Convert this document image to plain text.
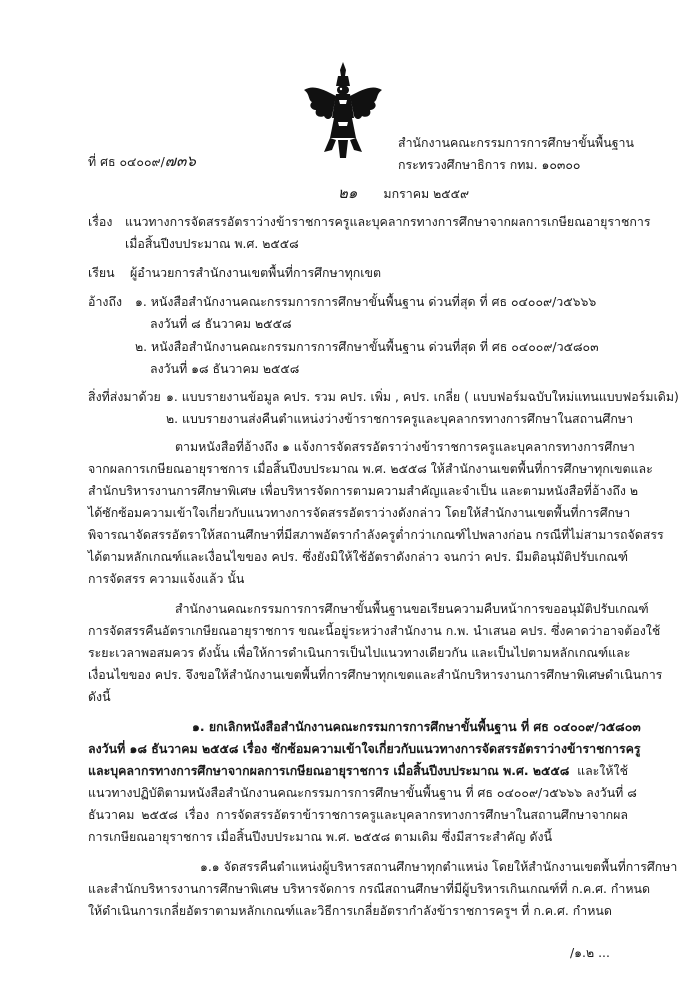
ที่ ศธ ๐๔๐๐๙/๗๓๖
สำนักงานคณะกรรมการการศึกษาขั้นพื้นฐาน
กระทรวงศึกษาธิการ กทม. ๑๐๓๐๐
๒๑ มกราคม ๒๕๕๙
เรื่อง แนวทางการจัดสรรอัตราว่างข้าราชการครูและบุคลากรทางการศึกษาจากผลการเกษียณอายุราชการ
เมื่อสิ้นปีงบประมาณ พ.ศ. ๒๕๕๘
เรียน ผู้อำนวยการสำนักงานเขตพื้นที่การศึกษาทุกเขต
อ้างถึง ๑. หนังสือสำนักงานคณะกรรมการการศึกษาขั้นพื้นฐาน ด่วนที่สุด ที่ ศธ ๐๔๐๐๙/ว๕๖๖๖
ลงวันที่ ๘ ธันวาคม ๒๕๕๘
๒. หนังสือสำนักงานคณะกรรมการการศึกษาขั้นพื้นฐาน ด่วนที่สุด ที่ ศธ ๐๔๐๐๙/ว๕๘๐๓
ลงวันที่ ๑๘ ธันวาคม ๒๕๕๘
สิ่งที่ส่งมาด้วย ๑. แบบรายงานข้อมูล คปร. รวม คปร. เพิ่ม , คปร. เกลี่ย ( แบบฟอร์มฉบับใหม่แทนแบบฟอร์มเดิม)
๒. แบบรายงานส่งคืนตำแหน่งว่างข้าราชการครูและบุคลากรทางการศึกษาในสถานศึกษา
ตามหนังสือที่อ้างถึง ๑ แจ้งการจัดสรรอัตราว่างข้าราชการครูและบุคลากรทางการศึกษา
จากผลการเกษียณอายุราชการ เมื่อสิ้นปีงบประมาณ พ.ศ. ๒๕๕๘ ให้สำนักงานเขตพื้นที่การศึกษาทุกเขตและ
สำนักบริหารงานการศึกษาพิเศษ เพื่อบริหารจัดการตามความสำคัญและจำเป็น และตามหนังสือที่อ้างถึง ๒
ได้ซักซ้อมความเข้าใจเกี่ยวกับแนวทางการจัดสรรอัตราว่างดังกล่าว โดยให้สำนักงานเขตพื้นที่การศึกษา
พิจารณาจัดสรรอัตราให้สถานศึกษาที่มีสภาพอัตรากำลังครูต่ำกว่าเกณฑ์ไปพลางก่อน กรณีที่ไม่สามารถจัดสรร
ได้ตามหลักเกณฑ์และเงื่อนไขของ คปร. ซึ่งยังมิให้ใช้อัตราดังกล่าว จนกว่า คปร. มีมติอนุมัติปรับเกณฑ์
การจัดสรร ความแจ้งแล้ว นั้น
สำนักงานคณะกรรมการการศึกษาขั้นพื้นฐานขอเรียนความคืบหน้าการขออนุมัติปรับเกณฑ์
การจัดสรรคืนอัตราเกษียณอายุราชการ ขณะนี้อยู่ระหว่างสำนักงาน ก.พ. นำเสนอ คปร. ซึ่งคาดว่าอาจต้องใช้
ระยะเวลาพอสมควร ดังนั้น เพื่อให้การดำเนินการเป็นไปแนวทางเดียวกัน และเป็นไปตามหลักเกณฑ์และ
เงื่อนไขของ คปร. จึงขอให้สำนักงานเขตพื้นที่การศึกษาทุกเขตและสำนักบริหารงานการศึกษาพิเศษดำเนินการ
ดังนี้
๑. ยกเลิกหนังสือสำนักงานคณะกรรมการการศึกษาขั้นพื้นฐาน ที่ ศธ ๐๔๐๐๙/ว๕๘๐๓
ลงวันที่ ๑๘ ธันวาคม ๒๕๕๘ เรื่อง ซักซ้อมความเข้าใจเกี่ยวกับแนวทางการจัดสรรอัตราว่างข้าราชการครู
และบุคลากรทางการศึกษาจากผลการเกษียณอายุราชการ เมื่อสิ้นปีงบประมาณ พ.ศ. ๒๕๕๘ และให้ใช้
แนวทางปฏิบัติตามหนังสือสำนักงานคณะกรรมการการศึกษาขั้นพื้นฐาน ที่ ศธ ๐๔๐๐๙/ว๕๖๖๖ ลงวันที่ ๘
ธันวาคม ๒๕๕๘ เรื่อง การจัดสรรอัตราข้าราชการครูและบุคลากรทางการศึกษาในสถานศึกษาจากผล
การเกษียณอายุราชการ เมื่อสิ้นปีงบประมาณ พ.ศ. ๒๕๕๘ ตามเดิม ซึ่งมีสาระสำคัญ ดังนี้
๑.๑ จัดสรรคืนตำแหน่งผู้บริหารสถานศึกษาทุกตำแหน่ง โดยให้สำนักงานเขตพื้นที่การศึกษา
และสำนักบริหารงานการศึกษาพิเศษ บริหารจัดการ กรณีสถานศึกษาที่มีผู้บริหารเกินเกณฑ์ที่ ก.ค.ศ. กำหนด
ให้ดำเนินการเกลี่ยอัตราตามหลักเกณฑ์และวิธีการเกลี่ยอัตรากำลังข้าราชการครูฯ ที่ ก.ค.ศ. กำหนด
/๑.๒ ...
